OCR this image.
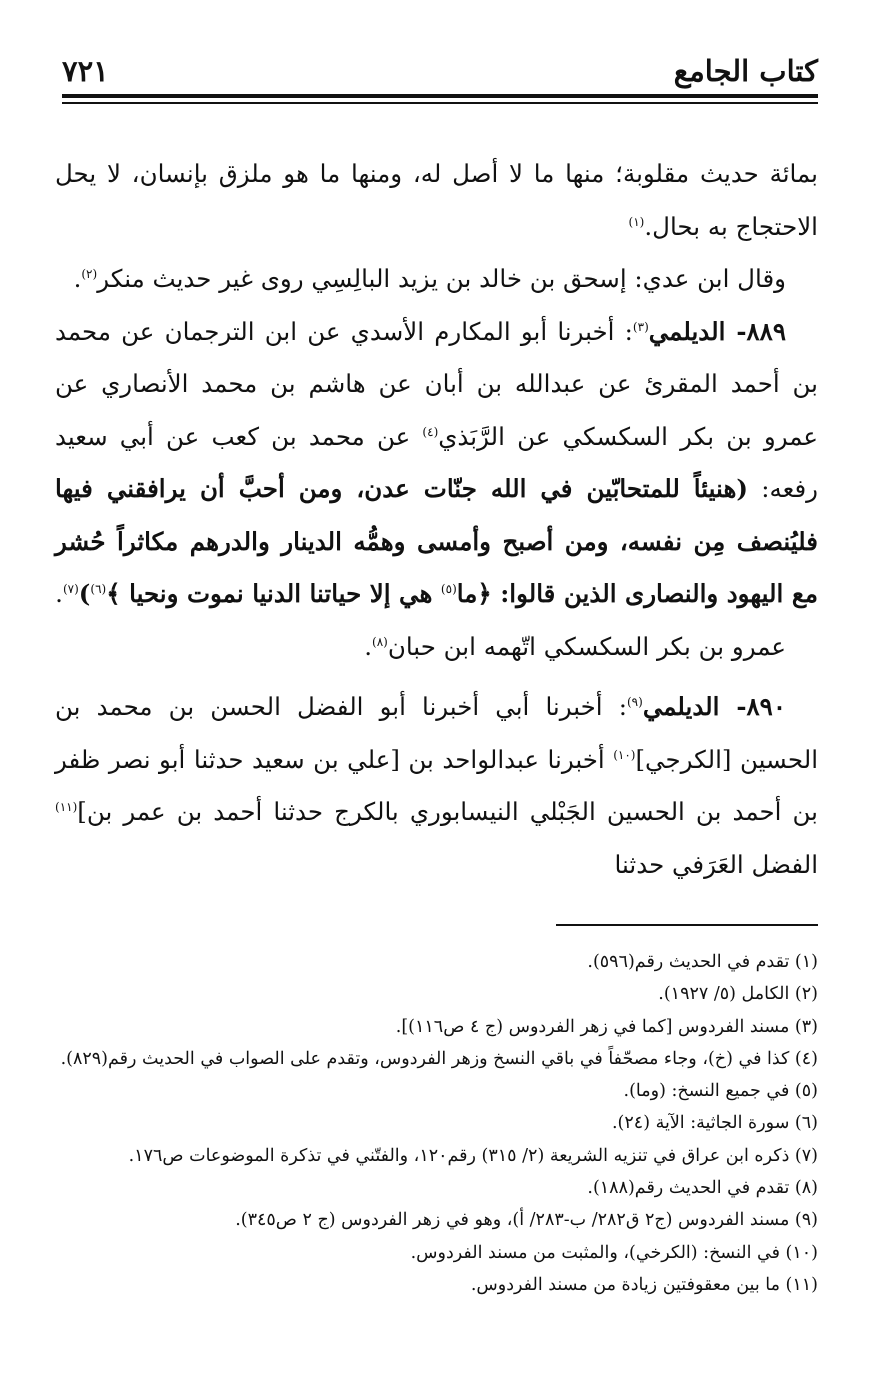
كتاب الجامع
٧٢١

بمائة حديث مقلوبة؛ منها ما لا أصل له، ومنها ما هو ملزق بإنسان، لا يحل الاحتجاج به بحال.$^{(١)}$

وقال ابن عدي: إسحق بن خالد بن يزيد البالِسِي روى غير حديث منكر$^{(٢)}$.

٨٨٩- الديلمي$^{(٣)}$: أخبرنا أبو المكارم الأسدي عن ابن الترجمان عن محمد بن أحمد المقرئ عن عبدالله بن أبان عن هاشم بن محمد الأنصاري عن عمرو بن بكر السكسكي عن الرَّبَذي$^{(٤)}$ عن محمد بن كعب عن أبي سعيد رفعه: (هنيئاً للمتحابّين في الله جنّات عدن، ومن أحبَّ أن يرافقني فيها فليُنصف مِن نفسه، ومن أصبح وأمسى وهمُّه الدينار والدرهم مكاثراً حُشر مع اليهود والنصارى الذين قالوا: ﴿ما$^{(٥)}$ هي إلا حياتنا الدنيا نموت ونحيا ﴾$^{(٦)}$)$^{(٧)}$.

عمرو بن بكر السكسكي اتّهمه ابن حبان$^{(٨)}$.

٨٩٠- الديلمي$^{(٩)}$: أخبرنا أبي أخبرنا أبو الفضل الحسن بن محمد بن الحسين [الكرجي]$^{(١٠)}$ أخبرنا عبدالواحد بن [علي بن سعيد حدثنا أبو نصر ظفر بن أحمد بن الحسين الجَبْلي النيسابوري بالكرج حدثنا أحمد بن عمر بن]$^{(١١)}$ الفضل العَرَفي حدثنا

(١) تقدم في الحديث رقم(٥٩٦).
(٢) الكامل (٥/ ١٩٢٧).
(٣) مسند الفردوس [كما في زهر الفردوس (ج ٤ ص١١٦)].
(٤) كذا في (خ)، وجاء مصحّفاً في باقي النسخ وزهر الفردوس، وتقدم على الصواب في الحديث رقم(٨٢٩).
(٥) في جميع النسخ: (وما).
(٦) سورة الجاثية: الآية (٢٤).
(٧) ذكره ابن عراق في تنزيه الشريعة (٢/ ٣١٥) رقم١٢٠، والفتّني في تذكرة الموضوعات ص١٧٦.
(٨) تقدم في الحديث رقم(١٨٨).
(٩) مسند الفردوس (ج٢ ق٢٨٢/ ب-٢٨٣/ أ)، وهو في زهر الفردوس (ج ٢ ص٣٤٥).
(١٠) في النسخ: (الكرخي)، والمثبت من مسند الفردوس.
(١١) ما بين معقوفتين زيادة من مسند الفردوس.
